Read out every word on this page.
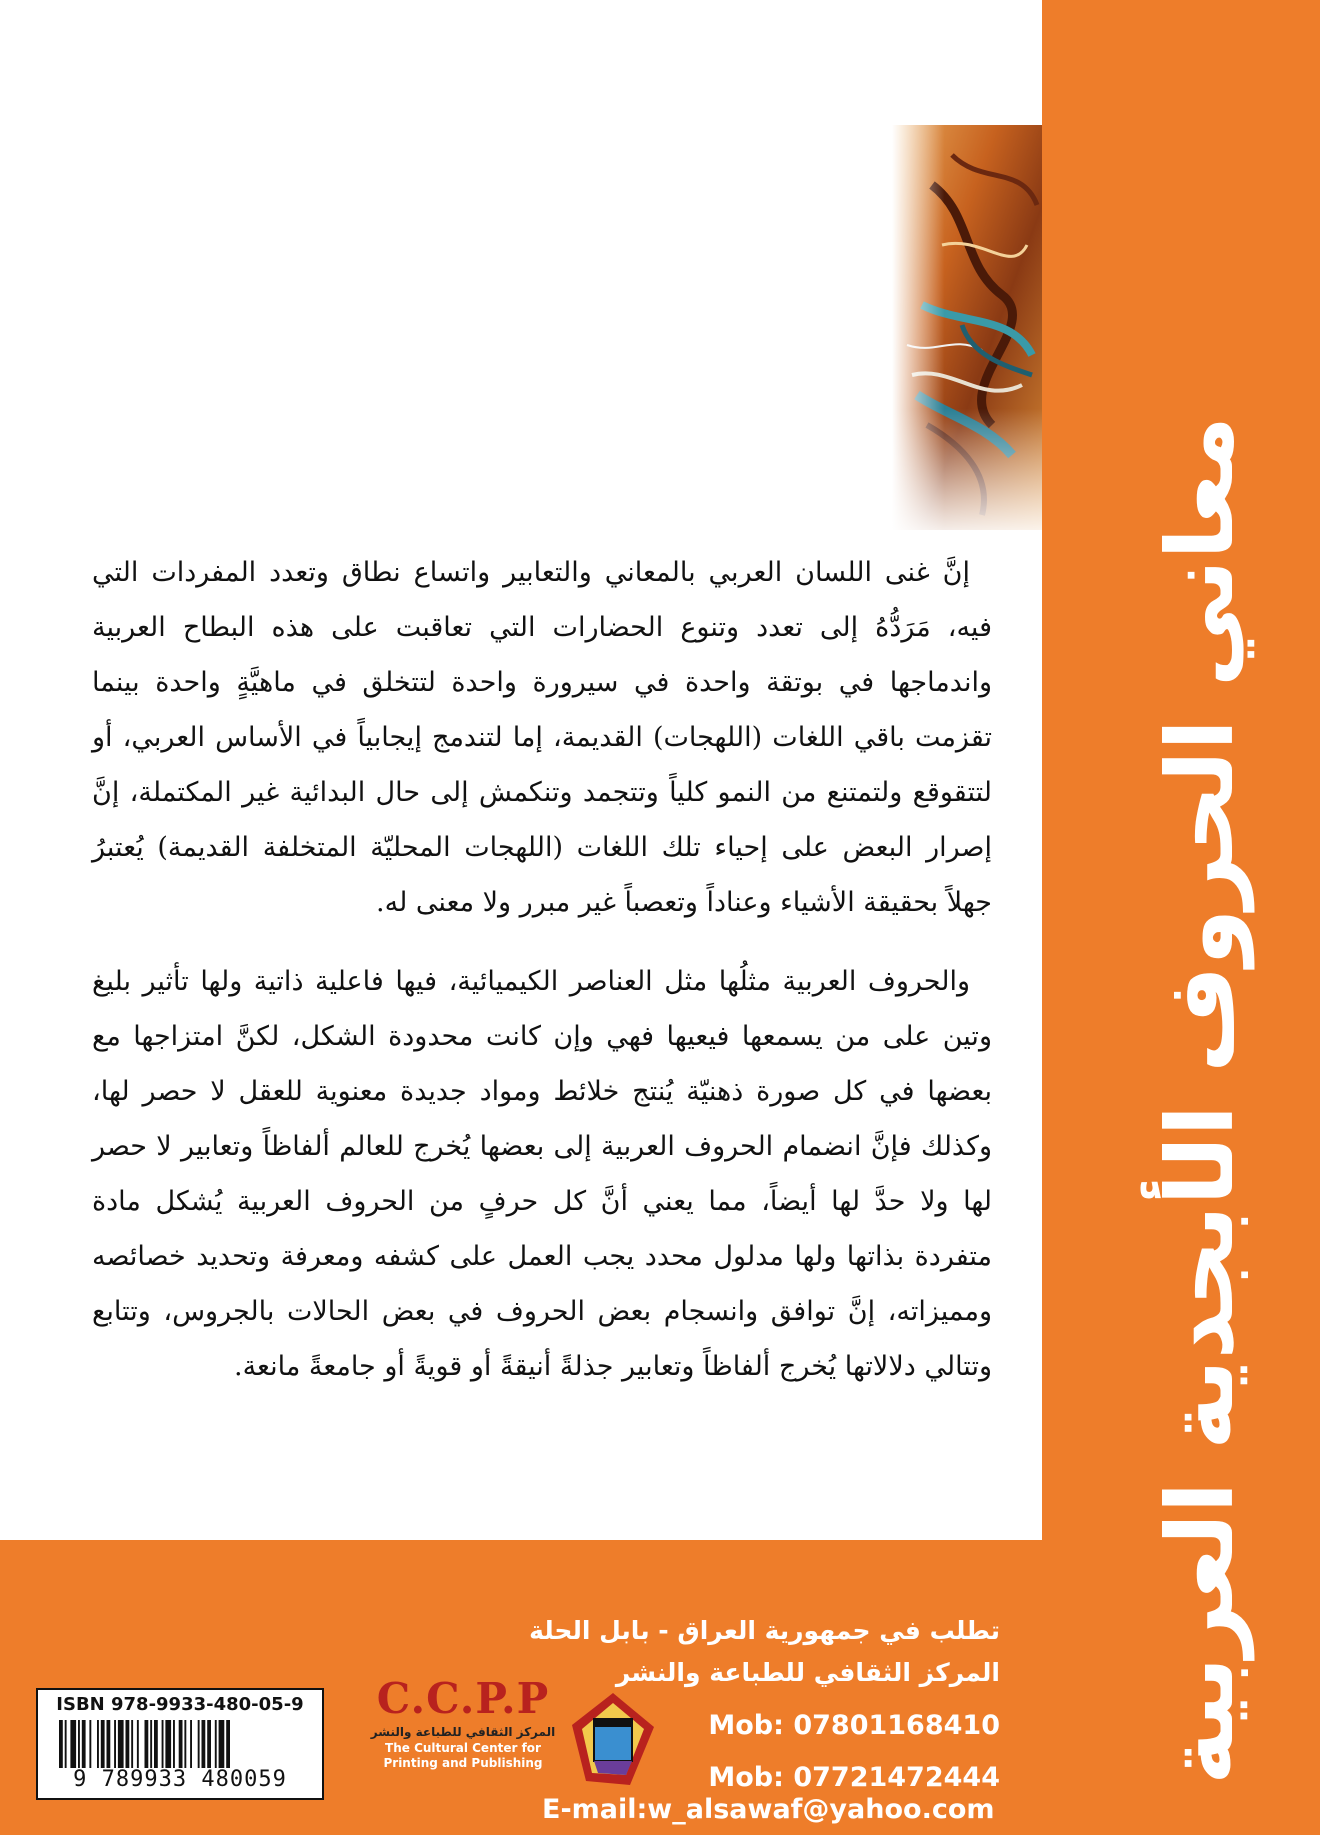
معاني الحروف الأبجدية العربية

إنَّ غنى اللسان العربي بالمعاني والتعابير واتساع نطاق وتعدد المفردات التي فيه، مَرَدُّهُ إلى تعدد وتنوع الحضارات التي تعاقبت على هذه البطاح العربية واندماجها في بوتقة واحدة في سيرورة واحدة لتتخلق في ماهيَّةٍ واحدة بينما تقزمت باقي اللغات (اللهجات) القديمة، إما لتندمج إيجابياً في الأساس العربي، أو لتتقوقع ولتمتنع من النمو كلياً وتتجمد وتنكمش إلى حال البدائية غير المكتملة، إنَّ إصرار البعض على إحياء تلك اللغات (اللهجات المحليّة المتخلفة القديمة) يُعتبرُ جهلاً بحقيقة الأشياء وعناداً وتعصباً غير مبرر ولا معنى له.

والحروف العربية مثلُها مثل العناصر الكيميائية، فيها فاعلية ذاتية ولها تأثير بليغ وتين على من يسمعها فيعيها فهي وإن كانت محدودة الشكل، لكنَّ امتزاجها مع بعضها في كل صورة ذهنيّة يُنتج خلائط ومواد جديدة معنوية للعقل لا حصر لها، وكذلك فإنَّ انضمام الحروف العربية إلى بعضها يُخرج للعالم ألفاظاً وتعابير لا حصر لها ولا حدَّ لها أيضاً، مما يعني أنَّ كل حرفٍ من الحروف العربية يُشكل مادة متفردة بذاتها ولها مدلول محدد يجب العمل على كشفه ومعرفة وتحديد خصائصه ومميزاته، إنَّ توافق وانسجام بعض الحروف في بعض الحالات بالجروس، وتتابع وتتالي دلالاتها يُخرج ألفاظاً وتعابير جذلةً أنيقةً أو قويةً أو جامعةً مانعة.

تطلب في جمهورية العراق - بابل الحلة
المركز الثقافي للطباعة والنشر
Mob: 07801168410
Mob: 07721472444
E-mail:w_alsawaf@yahoo.com
C.C.P.P
المركز الثقافي للطباعة والنشر
The Cultural Center for
Printing and Publishing
ISBN 978-9933-480-05-9
9 789933 480059
